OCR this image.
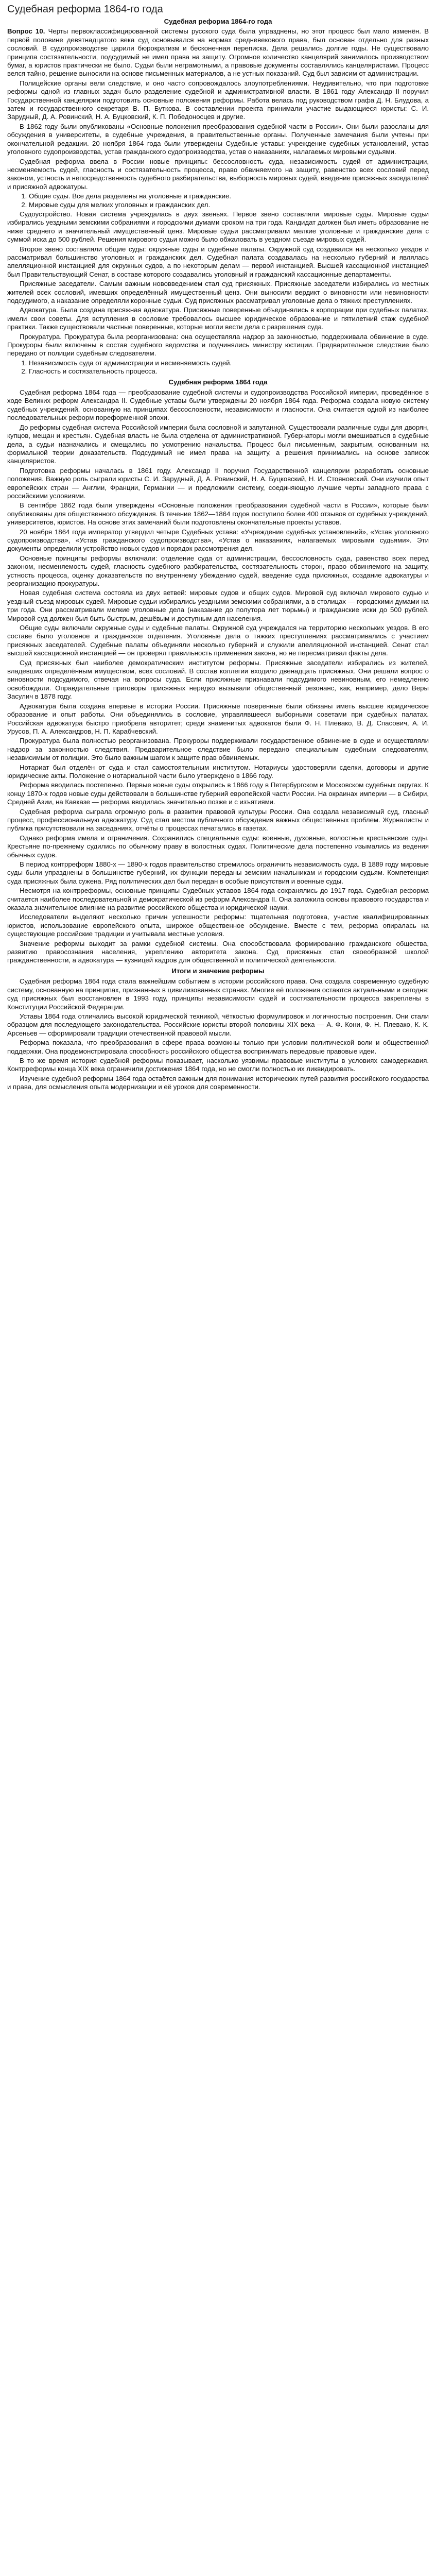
Судебная реформа 1864-го года
Судебная реформа 1864-го года

Вопрос 10. Черты первоклассифицированной системы русского суда была упразднены, но этот процесс был мало изменён. В первой половине девятнадцатого века суд основывался на нормах средневекового права, был основан отдельно для разных сословий. В судопроизводстве царили бюрократизм и бесконечная переписка. Дела решались долгие годы. Не существовало принципа состязательности, подсудимый не имел права на защиту. Огромное количество канцелярий занималось производством бумаг, а юристов практически не было. Судьи были неграмотными, а правовые документы составлялись канцеляристами. Процесс велся тайно, решение выносили на основе письменных материалов, а не устных показаний. Суд был зависим от администрации.

Полицейские органы вели следствие, и оно часто сопровождалось злоупотреблениями. Неудивительно, что при подготовке реформы одной из главных задач было разделение судебной и административной власти. В 1861 году Александр II поручил Государственной канцелярии подготовить основные положения реформы. Работа велась под руководством графа Д. Н. Блудова, а затем и государственного секретаря В. П. Буткова. В составлении проекта принимали участие выдающиеся юристы: С. И. Зарудный, Д. А. Ровинский, Н. А. Буцковский, К. П. Победоносцев и другие.

В 1862 году были опубликованы «Основные положения преобразования судебной части в России». Они были разосланы для обсуждения в университеты, в судебные учреждения, в правительственные органы. Полученные замечания были учтены при окончательной редакции. 20 ноября 1864 года были утверждены Судебные уставы: учреждение судебных установлений, устав уголовного судопроизводства, устав гражданского судопроизводства, устав о наказаниях, налагаемых мировыми судьями.

Судебная реформа ввела в России новые принципы: бессословность суда, независимость судей от администрации, несменяемость судей, гласность и состязательность процесса, право обвиняемого на защиту, равенство всех сословий перед законом, устность и непосредственность судебного разбирательства, выборность мировых судей, введение присяжных заседателей и присяжной адвокатуры.

1. Общие суды. Все дела разделены на уголовные и гражданские.
2. Мировые суды для мелких уголовных и гражданских дел.

Судоустройство. Новая система учреждалась в двух звеньях. Первое звено составляли мировые суды. Мировые судьи избирались уездными земскими собраниями и городскими думами сроком на три года. Кандидат должен был иметь образование не ниже среднего и значительный имущественный ценз. Мировые судьи рассматривали мелкие уголовные и гражданские дела с суммой иска до 500 рублей. Решения мирового судьи можно было обжаловать в уездном съезде мировых судей.

Второе звено составляли общие суды: окружные суды и судебные палаты. Окружной суд создавался на несколько уездов и рассматривал большинство уголовных и гражданских дел. Судебная палата создавалась на несколько губерний и являлась апелляционной инстанцией для окружных судов, а по некоторым делам — первой инстанцией. Высшей кассационной инстанцией был Правительствующий Сенат, в составе которого создавались уголовный и гражданский кассационные департаменты.

Присяжные заседатели. Самым важным нововведением стал суд присяжных. Присяжные заседатели избирались из местных жителей всех сословий, имевших определённый имущественный ценз. Они выносили вердикт о виновности или невиновности подсудимого, а наказание определяли коронные судьи. Суд присяжных рассматривал уголовные дела о тяжких преступлениях.

Адвокатура. Была создана присяжная адвокатура. Присяжные поверенные объединялись в корпорации при судебных палатах, имели свои советы. Для вступления в сословие требовалось высшее юридическое образование и пятилетний стаж судебной практики. Также существовали частные поверенные, которые могли вести дела с разрешения суда.

Прокуратура. Прокуратура была реорганизована: она осуществляла надзор за законностью, поддерживала обвинение в суде. Прокуроры были включены в состав судебного ведомства и подчинялись министру юстиции. Предварительное следствие было передано от полиции судебным следователям.

1. Независимость суда от администрации и несменяемость судей.
2. Гласность и состязательность процесса.

Судебная реформа 1864 года

Судебная реформа 1864 года — преобразование судебной системы и судопроизводства Российской империи, проведённое в ходе Великих реформ Александра II. Судебные уставы были утверждены 20 ноября 1864 года. Реформа создала новую систему судебных учреждений, основанную на принципах бессословности, независимости и гласности. Она считается одной из наиболее последовательных реформ пореформенной эпохи.

До реформы судебная система Российской империи была сословной и запутанной. Существовали различные суды для дворян, купцов, мещан и крестьян. Судебная власть не была отделена от административной. Губернаторы могли вмешиваться в судебные дела, а судьи назначались и смещались по усмотрению начальства. Процесс был письменным, закрытым, основанным на формальной теории доказательств. Подсудимый не имел права на защиту, а решения принимались на основе записок канцеляристов.

Подготовка реформы началась в 1861 году. Александр II поручил Государственной канцелярии разработать основные положения. Важную роль сыграли юристы С. И. Зарудный, Д. А. Ровинский, Н. А. Буцковский, Н. И. Стояновский. Они изучили опыт европейских стран — Англии, Франции, Германии — и предложили систему, соединяющую лучшие черты западного права с российскими условиями.

В сентябре 1862 года были утверждены «Основные положения преобразования судебной части в России», которые были опубликованы для общественного обсуждения. В течение 1862—1864 годов поступило более 400 отзывов от судебных учреждений, университетов, юристов. На основе этих замечаний были подготовлены окончательные проекты уставов.

20 ноября 1864 года император утвердил четыре Судебных устава: «Учреждение судебных установлений», «Устав уголовного судопроизводства», «Устав гражданского судопроизводства», «Устав о наказаниях, налагаемых мировыми судьями». Эти документы определили устройство новых судов и порядок рассмотрения дел.

Основные принципы реформы включали: отделение суда от администрации, бессословность суда, равенство всех перед законом, несменяемость судей, гласность судебного разбирательства, состязательность сторон, право обвиняемого на защиту, устность процесса, оценку доказательств по внутреннему убеждению судей, введение суда присяжных, создание адвокатуры и реорганизацию прокуратуры.

Новая судебная система состояла из двух ветвей: мировых судов и общих судов. Мировой суд включал мирового судью и уездный съезд мировых судей. Мировые судьи избирались уездными земскими собраниями, а в столицах — городскими думами на три года. Они рассматривали мелкие уголовные дела (наказание до полутора лет тюрьмы) и гражданские иски до 500 рублей. Мировой суд должен был быть быстрым, дешёвым и доступным для населения.

Общие суды включали окружные суды и судебные палаты. Окружной суд учреждался на территорию нескольких уездов. В его составе было уголовное и гражданское отделения. Уголовные дела о тяжких преступлениях рассматривались с участием присяжных заседателей. Судебные палаты объединяли несколько губерний и служили апелляционной инстанцией. Сенат стал высшей кассационной инстанцией — он проверял правильность применения закона, но не пересматривал факты дела.

Суд присяжных был наиболее демократическим институтом реформы. Присяжные заседатели избирались из жителей, владевших определённым имуществом, всех сословий. В состав коллегии входило двенадцать присяжных. Они решали вопрос о виновности подсудимого, отвечая на вопросы суда. Если присяжные признавали подсудимого невиновным, его немедленно освобождали. Оправдательные приговоры присяжных нередко вызывали общественный резонанс, как, например, дело Веры Засулич в 1878 году.

Адвокатура была создана впервые в истории России. Присяжные поверенные были обязаны иметь высшее юридическое образование и опыт работы. Они объединялись в сословие, управлявшееся выборными советами при судебных палатах. Российская адвокатура быстро приобрела авторитет; среди знаменитых адвокатов были Ф. Н. Плевако, В. Д. Спасович, А. И. Урусов, П. А. Александров, Н. П. Карабчевский.

Прокуратура была полностью реорганизована. Прокуроры поддерживали государственное обвинение в суде и осуществляли надзор за законностью следствия. Предварительное следствие было передано специальным судебным следователям, независимым от полиции. Это было важным шагом к защите прав обвиняемых.

Нотариат был отделён от суда и стал самостоятельным институтом. Нотариусы удостоверяли сделки, договоры и другие юридические акты. Положение о нотариальной части было утверждено в 1866 году.

Реформа вводилась постепенно. Первые новые суды открылись в 1866 году в Петербургском и Московском судебных округах. К концу 1870-х годов новые суды действовали в большинстве губерний европейской части России. На окраинах империи — в Сибири, Средней Азии, на Кавказе — реформа вводилась значительно позже и с изъятиями.

Судебная реформа сыграла огромную роль в развитии правовой культуры России. Она создала независимый суд, гласный процесс, профессиональную адвокатуру. Суд стал местом публичного обсуждения важных общественных проблем. Журналисты и публика присутствовали на заседаниях, отчёты о процессах печатались в газетах.

Однако реформа имела и ограничения. Сохранились специальные суды: военные, духовные, волостные крестьянские суды. Крестьяне по-прежнему судились по обычному праву в волостных судах. Политические дела постепенно изымались из ведения обычных судов.

В период контрреформ 1880-х — 1890-х годов правительство стремилось ограничить независимость суда. В 1889 году мировые суды были упразднены в большинстве губерний, их функции переданы земским начальникам и городским судьям. Компетенция суда присяжных была сужена. Ряд политических дел был передан в особые присутствия и военные суды.

Несмотря на контрреформы, основные принципы Судебных уставов 1864 года сохранялись до 1917 года. Судебная реформа считается наиболее последовательной и демократической из реформ Александра II. Она заложила основы правового государства и оказала значительное влияние на развитие российского общества и юридической науки.

Исследователи выделяют несколько причин успешности реформы: тщательная подготовка, участие квалифицированных юристов, использование европейского опыта, широкое общественное обсуждение. Вместе с тем, реформа опиралась на существующие российские традиции и учитывала местные условия.

Значение реформы выходит за рамки судебной системы. Она способствовала формированию гражданского общества, развитию правосознания населения, укреплению авторитета закона. Суд присяжных стал своеобразной школой гражданственности, а адвокатура — кузницей кадров для общественной и политической деятельности.

Итоги и значение реформы

Судебная реформа 1864 года стала важнейшим событием в истории российского права. Она создала современную судебную систему, основанную на принципах, признанных в цивилизованных странах. Многие её положения остаются актуальными и сегодня: суд присяжных был восстановлен в 1993 году, принципы независимости судей и состязательности процесса закреплены в Конституции Российской Федерации.

Уставы 1864 года отличались высокой юридической техникой, чёткостью формулировок и логичностью построения. Они стали образцом для последующего законодательства. Российские юристы второй половины XIX века — А. Ф. Кони, Ф. Н. Плевако, К. К. Арсеньев — сформировали традиции отечественной правовой мысли.

Реформа показала, что преобразования в сфере права возможны только при условии политической воли и общественной поддержки. Она продемонстрировала способность российского общества воспринимать передовые правовые идеи.

В то же время история судебной реформы показывает, насколько уязвимы правовые институты в условиях самодержавия. Контрреформы конца XIX века ограничили достижения 1864 года, но не смогли полностью их ликвидировать.

Изучение судебной реформы 1864 года остаётся важным для понимания исторических путей развития российского государства и права, для осмысления опыта модернизации и её уроков для современности.
